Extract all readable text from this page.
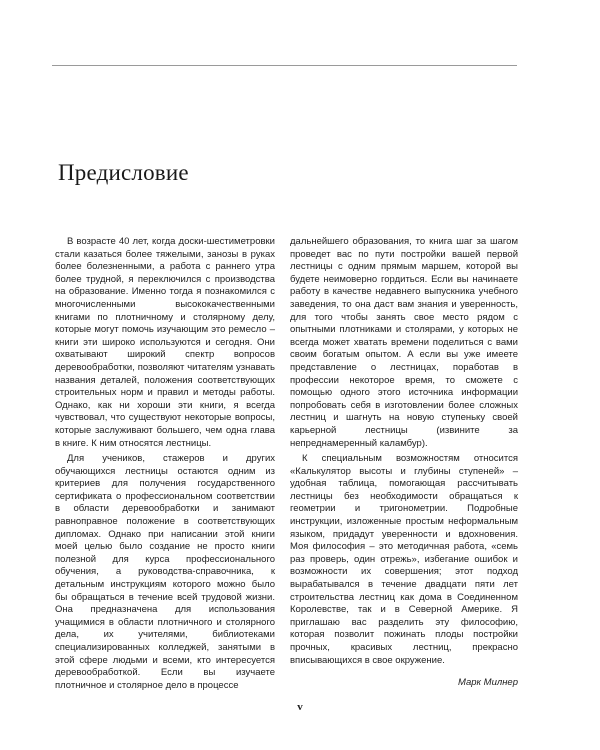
Предисловие

В возрасте 40 лет, когда доски-шестиметровки стали казаться более тяжелыми, занозы в руках более болезненными, а работа с раннего утра более трудной, я переключился с производства на образование. Именно тогда я познакомился с многочисленными высококачественными книгами по плотничному и столярному делу, которые могут помочь изучающим это ремесло – книги эти широко используются и сегодня. Они охватывают широкий спектр вопросов деревообработки, позволяют читателям узнавать названия деталей, положения соответствующих строительных норм и правил и методы работы. Однако, как ни хороши эти книги, я всегда чувствовал, что существуют некоторые вопросы, которые заслуживают большего, чем одна глава в книге. К ним относятся лестницы.

Для учеников, стажеров и других обучающихся лестницы остаются одним из критериев для получения государственного сертификата о профессиональном соответствии в области деревообработки и занимают равноправное положение в соответствующих дипломах. Однако при написании этой книги моей целью было создание не просто книги полезной для курса профессионального обучения, а руководства-справочника, к детальным инструкциям которого можно было бы обращаться в течение всей трудовой жизни. Она предназначена для использования учащимися в области плотничного и столярного дела, их учителями, библиотеками специализированных колледжей, занятыми в этой сфере людьми и всеми, кто интересуется деревообработкой. Если вы изучаете плотничное и столярное дело в процессе

дальнейшего образования, то книга шаг за шагом проведет вас по пути постройки вашей первой лестницы с одним прямым маршем, которой вы будете неимоверно гордиться. Если вы начинаете работу в качестве недавнего выпускника учебного заведения, то она даст вам знания и уверенность, для того чтобы занять свое место рядом с опытными плотниками и столярами, у которых не всегда может хватать времени поделиться с вами своим богатым опытом. А если вы уже имеете представление о лестницах, поработав в профессии некоторое время, то сможете с помощью одного этого источника информации попробовать себя в изготовлении более сложных лестниц и шагнуть на новую ступеньку своей карьерной лестницы (извините за непреднамеренный каламбур).

К специальным возможностям относится «Калькулятор высоты и глубины ступеней» – удобная таблица, помогающая рассчитывать лестницы без необходимости обращаться к геометрии и тригонометрии. Подробные инструкции, изложенные простым неформальным языком, придадут уверенности и вдохновения. Моя философия – это методичная работа, «семь раз проверь, один отрежь», избегание ошибок и возможности их совершения; этот подход вырабатывался в течение двадцати пяти лет строительства лестниц как дома в Соединенном Королевстве, так и в Северной Америке. Я приглашаю вас разделить эту философию, которая позволит пожинать плоды постройки прочных, красивых лестниц, прекрасно вписывающихся в свое окружение.

Марк Милнер

v
